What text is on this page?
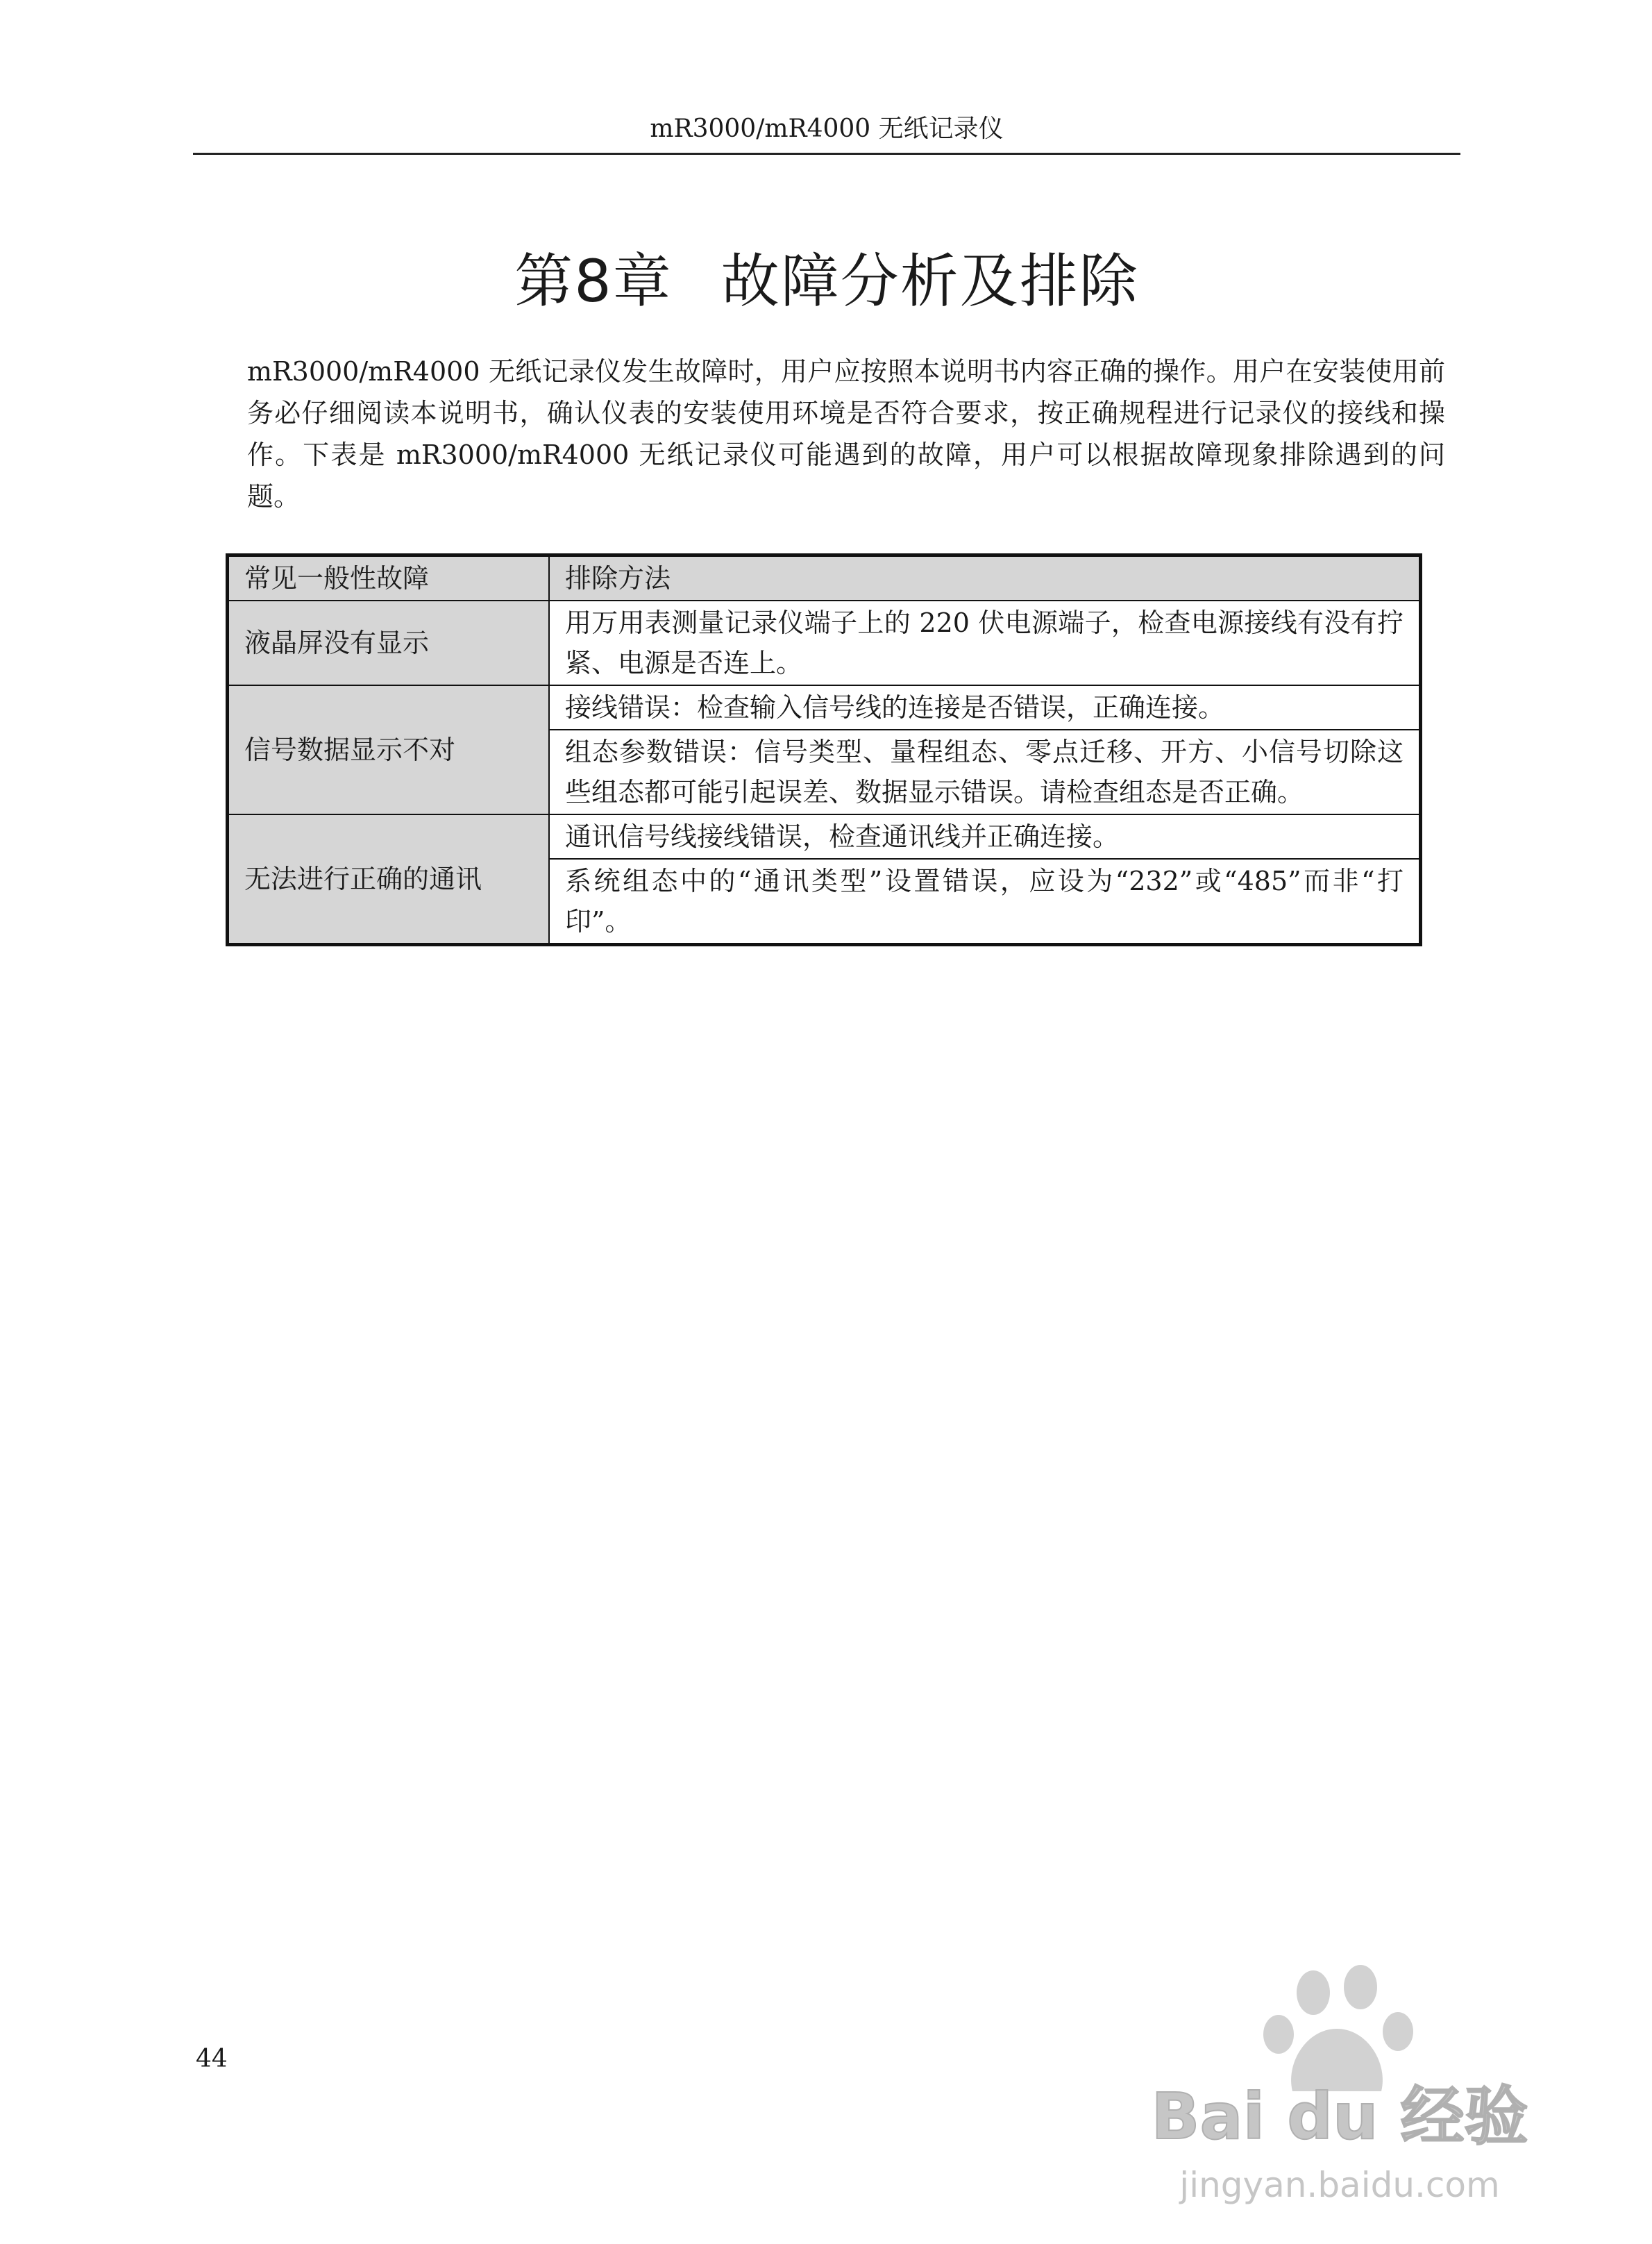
mR3000/mR4000 无纸记录仪
第8章 故障分析及排除

mR3000/mR4000 无纸记录仪发生故障时，用户应按照本说明书内容正确的操作。用户在安装使用前务必仔细阅读本说明书，确认仪表的安装使用环境是否符合要求，按正确规程进行记录仪的接线和操作。下表是 mR3000/mR4000 无纸记录仪可能遇到的故障，用户可以根据故障现象排除遇到的问题。

常见一般性故障	排除方法
液晶屏没有显示	用万用表测量记录仪端子上的 220 伏电源端子，检查电源接线有没有拧紧、电源是否连上。
信号数据显示不对	接线错误：检查输入信号线的连接是否错误，正确连接。
	组态参数错误：信号类型、量程组态、零点迁移、开方、小信号切除这些组态都可能引起误差、数据显示错误。请检查组态是否正确。
无法进行正确的通讯	通讯信号线接线错误，检查通讯线并正确连接。
	系统组态中的“通讯类型”设置错误，应设为“232”或“485”而非“打印”。
44
Bai du 经验
jingyan.baidu.com
